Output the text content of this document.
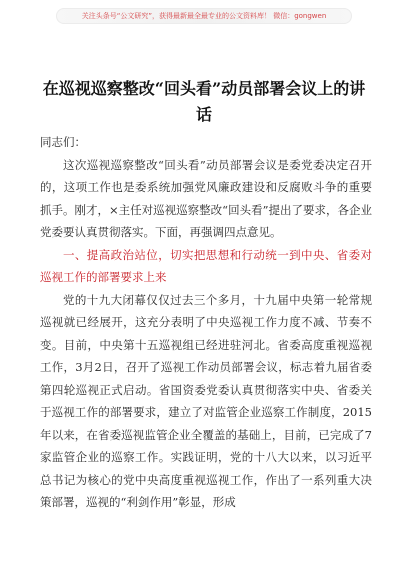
关注头条号“公文研究”，获得最新最全最专业的公文资料库！ 微信：gongwen
在巡视巡察整改“回头看”动员部署会议上的讲话

同志们：

这次巡视巡察整改“回头看”动员部署会议是委党委决定召开的，这项工作也是委系统加强党风廉政建设和反腐败斗争的重要抓手。刚才，×主任对巡视巡察整改“回头看”提出了要求，各企业党委要认真贯彻落实。下面，再强调四点意见。

一、提高政治站位，切实把思想和行动统一到中央、省委对巡视工作的部署要求上来

党的十九大闭幕仅仅过去三个多月，十九届中央第一轮常规巡视就已经展开，这充分表明了中央巡视工作力度不减、节奏不变。目前，中央第十五巡视组已经进驻河北。省委高度重视巡视工作，3月2日，召开了巡视工作动员部署会议，标志着九届省委第四轮巡视正式启动。省国资委党委认真贯彻落实中央、省委关于巡视工作的部署要求，建立了对监管企业巡察工作制度，2015年以来，在省委巡视监管企业全覆盖的基础上，目前，已完成了7家监管企业的巡察工作。实践证明，党的十八大以来，以习近平总书记为核心的党中央高度重视巡视工作，作出了一系列重大决策部署，巡视的“利剑作用”彰显，形成
